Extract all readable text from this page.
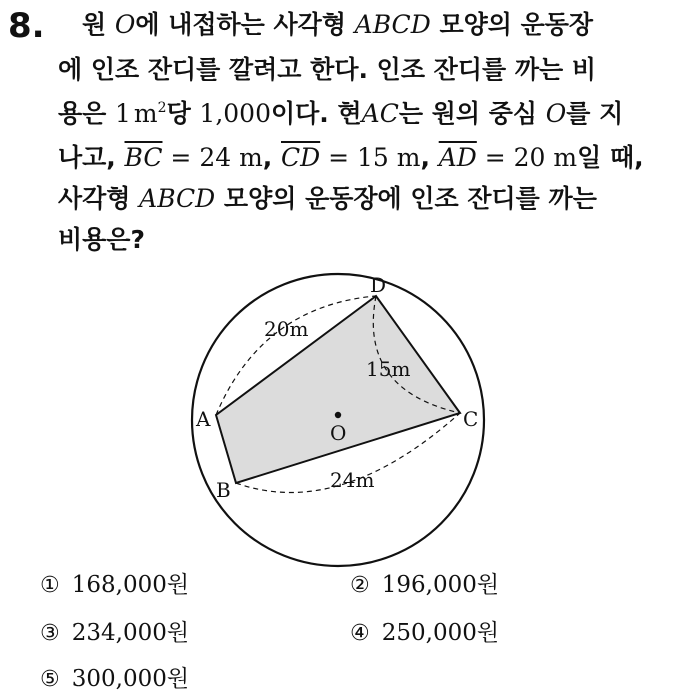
8.	원 O에 내접하는 사각형 ABCD 모양의 운동장
에 인조 잔디를 깔려고 한다. 인조 잔디를 까는 비
용은 1 $m^2$당 1,000이다. 현AC는 원의 중심 O를 지
나고, $\overline{BC} = 24$ m, $\overline{CD} = 15$ m, $\overline{AD} = 20$ m일 때,
사각형 ABCD 모양의 운동장에 인조 잔디를 까는
비용은?
A
B
C
D
O
20m
15m
24m
① 168,000원	② 196,000원
③ 234,000원	④ 250,000원
⑤ 300,000원
